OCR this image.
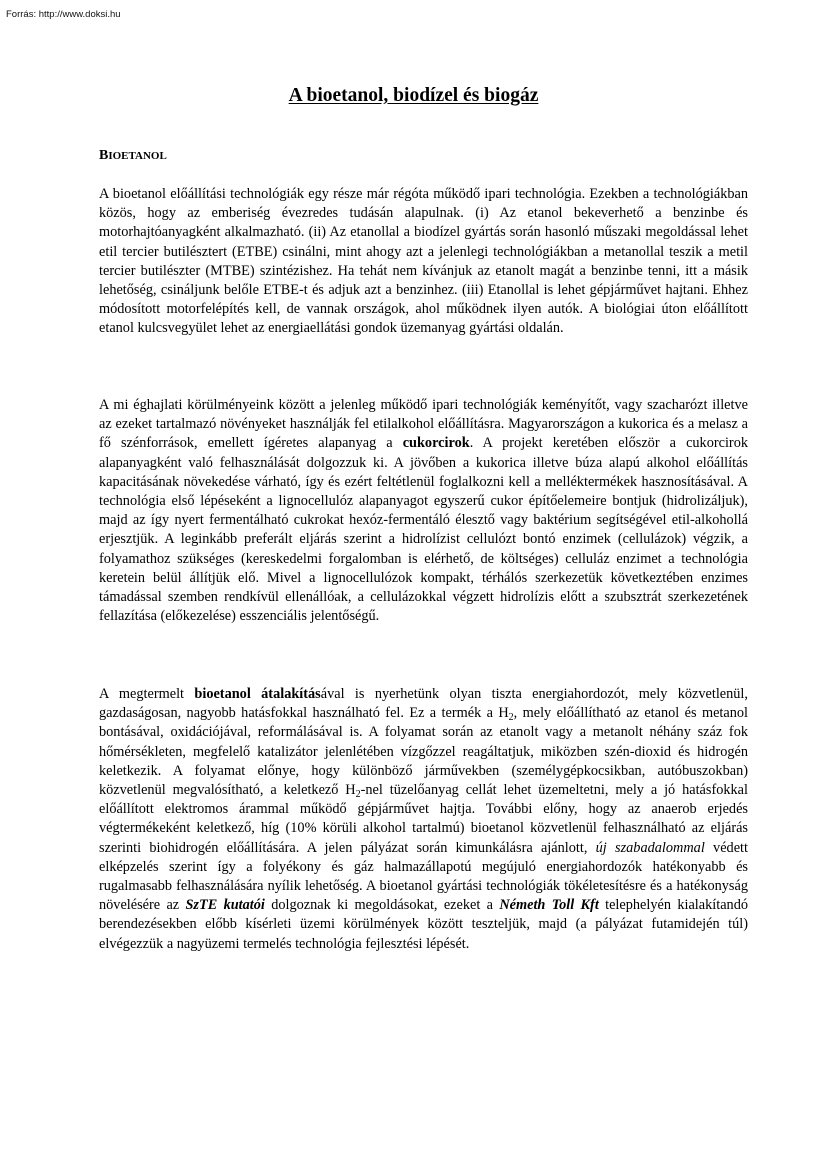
Forrás: http://www.doksi.hu
A bioetanol, biodízel és biogáz
BIOETANOL
A bioetanol előállítási technológiák egy része már régóta működő ipari technológia. Ezekben a technológiákban közös, hogy az emberiség évezredes tudásán alapulnak. (i) Az etanol bekeverhető a benzinbe és motorhajtóanyagként alkalmazható. (ii) Az etanollal a biodízel gyártás során hasonló műszaki megoldással lehet etil tercier butilésztert (ETBE) csinálni, mint ahogy azt a jelenlegi technológiákban a metanollal teszik a metil tercier butilészter (MTBE) szintézishez. Ha tehát nem kívánjuk az etanolt magát a benzinbe tenni, itt a másik lehetőség, csináljunk belőle ETBE-t és adjuk azt a benzinhez. (iii) Etanollal is lehet gépjárművet hajtani. Ehhez módosított motorfelépítés kell, de vannak országok, ahol működnek ilyen autók. A biológiai úton előállított etanol kulcsvegyület lehet az energiaellátási gondok üzemanyag gyártási oldalán.
A mi éghajlati körülményeink között a jelenleg működő ipari technológiák keményítőt, vagy szacharózt illetve az ezeket tartalmazó növényeket használják fel etilalkohol előállításra. Magyarországon a kukorica és a melasz a fő szénforrások, emellett ígéretes alapanyag a cukorcirok. A projekt keretében először a cukorcirok alapanyagként való felhasználását dolgozzuk ki. A jövőben a kukorica illetve búza alapú alkohol előállítás kapacitásának növekedése várható, így és ezért feltétlenül foglalkozni kell a melléktermékek hasznosításával. A technológia első lépéseként a lignocellulóz alapanyagot egyszerű cukor építőelemeire bontjuk (hidrolizáljuk), majd az így nyert fermentálható cukrokat hexóz-fermentáló élesztő vagy baktérium segítségével etil-alkohollá erjesztjük. A leginkább preferált eljárás szerint a hidrolízist cellulózt bontó enzimek (cellulázok) végzik, a folyamathoz szükséges (kereskedelmi forgalomban is elérhető, de költséges) celluláz enzimet a technológia keretein belül állítjük elő. Mivel a lignocellulózok kompakt, térhálós szerkezetük következtében enzimes támadással szemben rendkívül ellenállóak, a cellulázokkal végzett hidrolízis előtt a szubsztrát szerkezetének fellazítása (előkezelése) esszenciális jelentőségű.
A megtermelt bioetanol átalakításával is nyerhetünk olyan tiszta energiahordozót, mely közvetlenül, gazdaságosan, nagyobb hatásfokkal használható fel. Ez a termék a $H_2$, mely előállítható az etanol és metanol bontásával, oxidációjával, reformálásával is. A folyamat során az etanolt vagy a metanolt néhány száz fok hőmérsékleten, megfelelő katalizátor jelenlétében vízgőzzel reagáltatjuk, miközben szén-dioxid és hidrogén keletkezik. A folyamat előnye, hogy különböző járművekben (személygépkocsikban, autóbuszokban) közvetlenül megvalósítható, a keletkező $H_2$-nel tüzelőanyag cellát lehet üzemeltetni, mely a jó hatásfokkal előállított elektromos árammal működő gépjárművet hajtja. További előny, hogy az anaerob erjedés végtermékeként keletkező, híg (10% körüli alkohol tartalmú) bioetanol közvetlenül felhasználható az eljárás szerinti biohidrogén előállítására. A jelen pályázat során kimunkálásra ajánlott, új szabadalommal védett elképzelés szerint így a folyékony és gáz halmazállapotú megújuló energiahordozók hatékonyabb és rugalmasabb felhasználására nyílik lehetőség. A bioetanol gyártási technológiák tökéletesítésre és a hatékonyság növelésére az SzTE kutatói dolgoznak ki megoldásokat, ezeket a Németh Toll Kft telephelyén kialakítandó berendezésekben előbb kísérleti üzemi körülmények között teszteljük, majd (a pályázat futamidején túl) elvégezzük a nagyüzemi termelés technológia fejlesztési lépését.
